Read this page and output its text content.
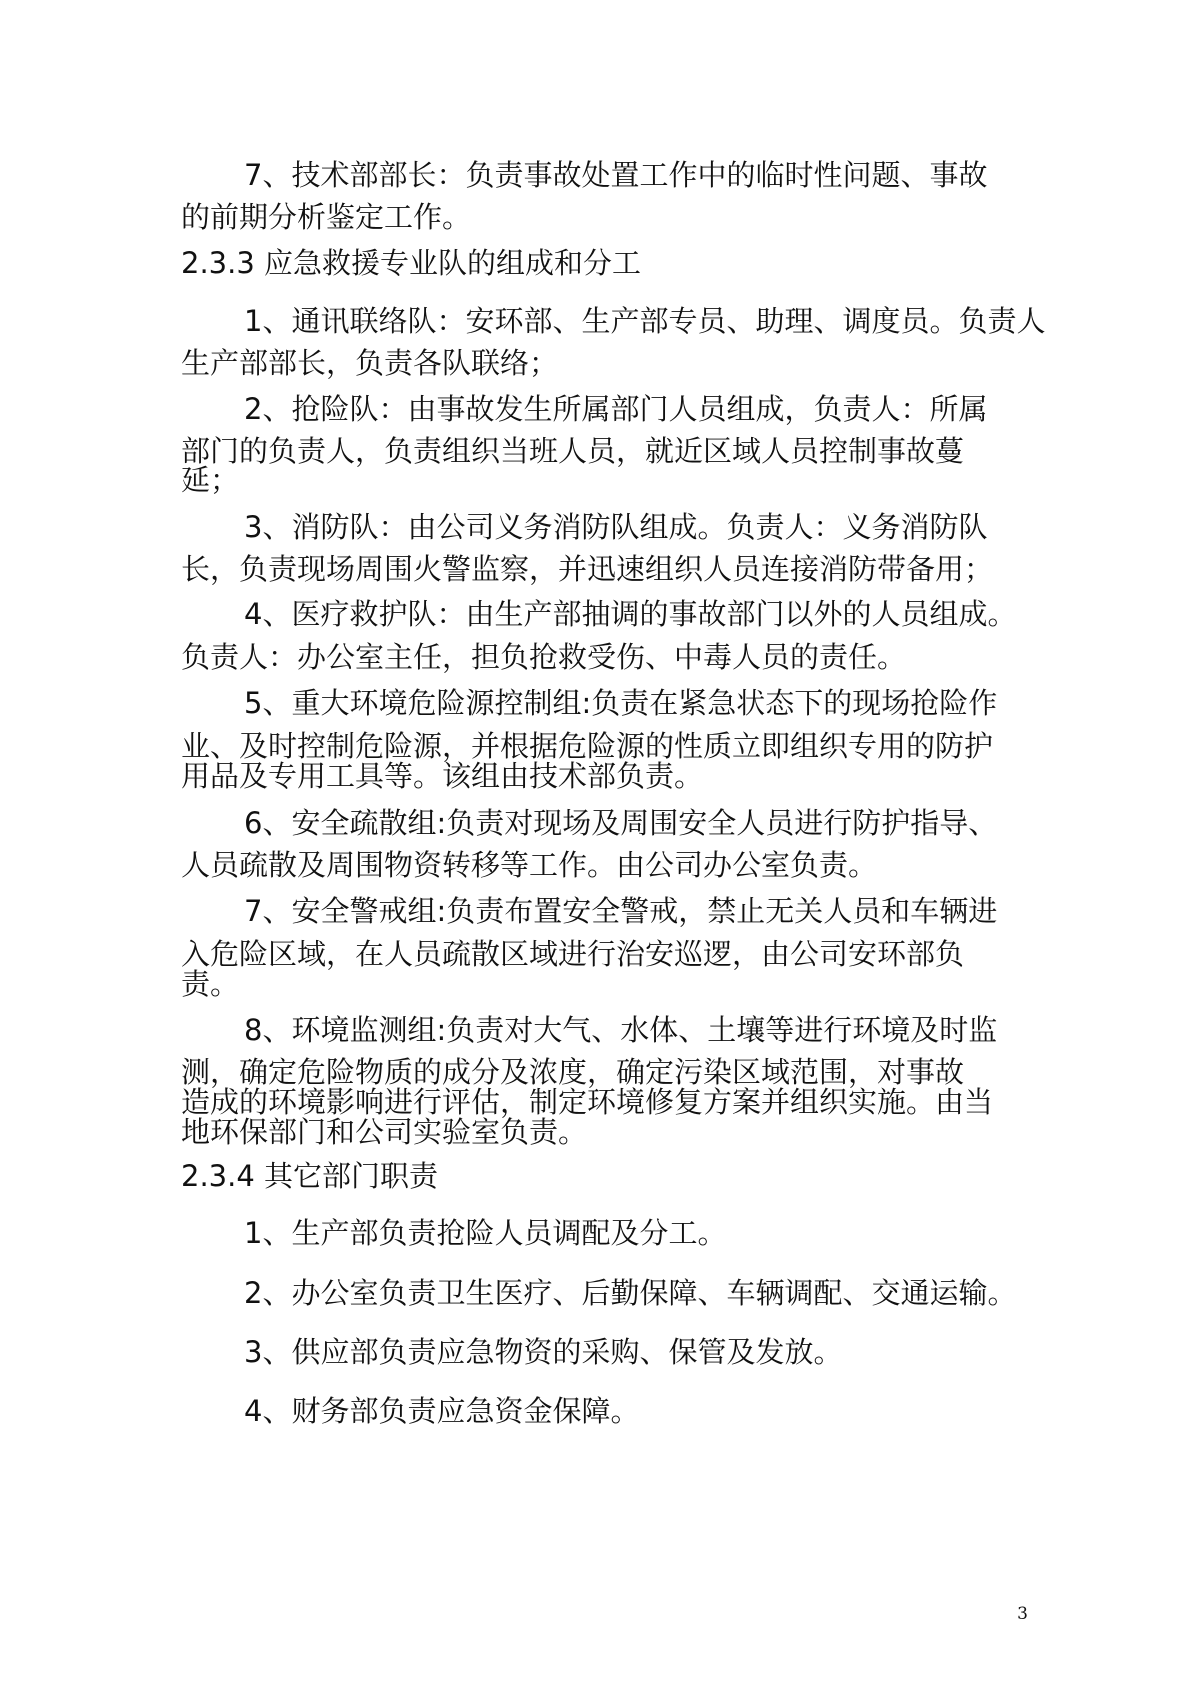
7、技术部部长：负责事故处置工作中的临时性问题、事故
的前期分析鉴定工作。
2.3.3 应急救援专业队的组成和分工
1、通讯联络队：安环部、生产部专员、助理、调度员。负责人
生产部部长，负责各队联络；
2、抢险队：由事故发生所属部门人员组成，负责人：所属
部门的负责人，负责组织当班人员，就近区域人员控制事故蔓
延；
3、消防队：由公司义务消防队组成。负责人：义务消防队
长，负责现场周围火警监察，并迅速组织人员连接消防带备用；
4、医疗救护队：由生产部抽调的事故部门以外的人员组成。
负责人：办公室主任，担负抢救受伤、中毒人员的责任。
5、重大环境危险源控制组:负责在紧急状态下的现场抢险作
业、及时控制危险源，并根据危险源的性质立即组织专用的防护
用品及专用工具等。该组由技术部负责。
6、安全疏散组:负责对现场及周围安全人员进行防护指导、
人员疏散及周围物资转移等工作。由公司办公室负责。
7、安全警戒组:负责布置安全警戒，禁止无关人员和车辆进
入危险区域，在人员疏散区域进行治安巡逻，由公司安环部负
责。
8、环境监测组:负责对大气、水体、土壤等进行环境及时监
测，确定危险物质的成分及浓度，确定污染区域范围，对事故
造成的环境影响进行评估，制定环境修复方案并组织实施。由当
地环保部门和公司实验室负责。
2.3.4 其它部门职责
1、生产部负责抢险人员调配及分工。
2、办公室负责卫生医疗、后勤保障、车辆调配、交通运输。
3、供应部负责应急物资的采购、保管及发放。
4、财务部负责应急资金保障。
3
